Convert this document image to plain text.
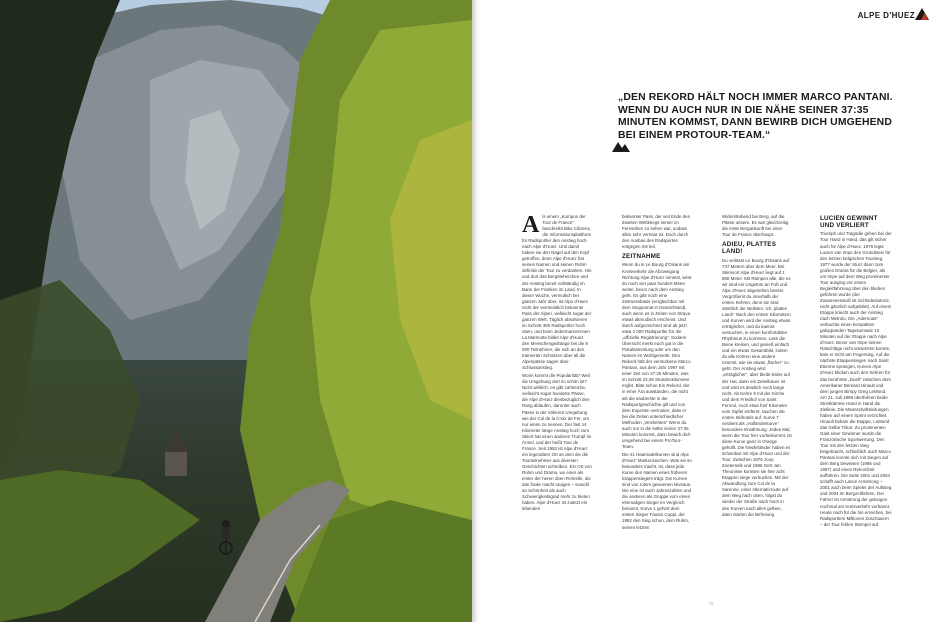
ALPE D'HUEZ
„DEN REKORD HÄLT NOCH IMMER MARCO PANTANI. WENN DU AUCH NUR IN DIE NÄHE SEINER 37:35 MINUTEN KOMMST, DANN BEWIRB DICH UMGEHEND BEI EINEM PROTOUR-TEAM.“

Als einem „Kompon der Tour de France“ beschreibt Bike Citizens, die Informationsplattform für Radsportler den Anstieg hoch nach Alpe d'Huez. Und damit haben sie den Nagel auf den Kopf getroffen, denn Alpe d'Huez hat seinen Namen und seinen Ruhm definitiv der Tour zu verdanken. Hin und dort das Bergsteherchen und der Anstieg bereit vollständig im Bann der Franken im Land. In dieser Woche, vermutlich bei ganzen Jahr über, ist Alpe d'Huez nicht der vermeintlich bekannte Pass der Alpen, vielleicht sogar der ganzen Welt. Täglich absolvieren im Schnitt 300 Radsportler hoch oben, und beim Jedermannrennen La Marmotte bildet Alpe d'Huez den Menschengedränge bei die 8 000 Teilnehmer, die sich an den trainierten Schnitzen über all die Alpenpässe sagen über Schlussanstieg.

Worin kommt die Popularität? Weil die Umgebung dort so schön ist? Nicht wirklich, es gibt zahlreiche, vielleicht sogar hunderte Pässe, die Alpe d'Huez diesbezüglich den Rang ablaufen, darunter auch Pässe in der näheren Umgebung wie der Col de la Croix de Fer, um nur einen zu nennen. Der fast 14 Kilometer lange Anstieg hoch zum Skiort hat einen anderen Trumpf im Ärmel, und der heißt Tour de France. Seit 1952 ist Alpe d'Huez ein legendärer Ort an dem die die Tourteilnehmer aus diversen Geschichten schreiben. Ein Ort von Ruhm und Drama, wo einer als erster der heren oben Rohrelle, die das finale macht rauigen – sowohl an Schönheit als auch Schwierigkeitsgrad mehr zu bieten haben. Alpe d'Huez ist zuletzt ein lebenden

bekannter Pass, der seit Ende des Zweiten Weltkriegs immer im Fernsehen zu sehen war, sodass allen sehr vertraut ist. Doch durch den Ausbau des Radsportes entgegen mit teil.

ZEITNAHME

Wenn du in Le Bourg d'Oisans am Kreisverkehr die Abzweigung Richtung Alpe d'Huez nimmst, wirst du noch vier paar hundert Meter weiter, bevor nach dem Anstieg geht. Es gibt noch eine Zeitmessbasis (vergleichbar mit dem Stoppomat in Deutschland), auch wenn es in Zeiten von Strava etwas altmodisch erscheint. Und durch aufgezeichnet sind ab jetzt etwa 2 000 Radsportler für die „offizielle Registrierung“. Sodann Übersicht merkt euch gut in die Pokalsammlung oder um den Namen im Wohlgemerkt. Den Rekord hält der verstorbene Marco Pantani, aus dem Jahr 1997 mit einer Zeit von 37:35 Minuten, was im Schnitt 23,08 Stundenkilometer ergibt. Bitte schon Ein Rekord, der in einer Ära ausstanden, die nicht als die sauberste in der Radsportgeschichte gilt und von dem Experten vermuten, dass er bei die Zeiten unterschiedlicher Methoden „Verdrehtes“ Wenn du auch nur in die Nähe seiner 37:35 Minuten kommst, dann bewirb dich umgehend bei einem ProTour-Team.

Die 21 Haarnadelkurven sind Alpe d'Huez' Markenzeichen. Was sie so besonders macht, ist, dass jede Kurve den Namen eines früheren Etappensiegers trägt. Die Kurven sind von rotem gewonnen Niveaus. Die eine ist auch Jahreszahlen und die anderen als Gruppe vom einen ehemaligen Sieger im Vergleich benannt. Kurve 1 gehört dem ersten Sieger Fausto Coppi, der 1952 den Sieg schon, dem Ruhm, seinen letzten

Widerstrebend bei Berg, auf die Pässe unsere. Es war gleichzeitig die erste Bergankunft bei einer Tour de France überhaupt.

ADIEU, PLATTES LAND!

Du verlässt Le Bourg d'Oisans auf 737 Metern über dem Meer. Bei Skiresort Alpe d'Huez liegt auf 1 860 Meter. Mit Rampen alle, die es wir sind ein Ungetüm an Fuß und Alpe d'Huez abgesehen besser. Vergrößerst du innerhalb der ersten Kehren, denn sie sind sämtlich die steilsten. Ich, plattes Land!“ Nach den ersten Kilometern und Kurven wird der Anstieg etwas erträglicher, und du kannst versuchen, in einen komfortablen Rhythmus zu kommen. Lass die Beine kreisen, und genieß einfach und ein etwas Gesamtbild, indem du alle Kehren eine andere nimmst, wie sie etwas „flacher“ zu geht. Der Anstieg wird „erträglicher“, aber bleibt leider auf der Hut, dann ein Zeitelbauer ist und wird es deutlich noch lange nicht. Ab Kehre 8 mit der Kirche und dem Friedhof von Saint Ferreol, noch etwa fünf Kilometer vom Gipfel entfernt, tauchen die ersten Skihotels auf. Kurve 7 verdient als „Holländerkurve“ besondere Erwähnung. Jedes Mal, wenn die Tour hier vorbeikommt, ist diese Kurve ganz in Orange gehüllt. Die Niederländer haben es scheinbar mit Alpe d'Huez und der Tour. Zwischen 1976 Joop Zoetemelk und 1986 Gert Jan Theunisse konnten sie hier acht Etappen siege verbuchen. Mit der Abwandlung zum Col de la Sarenne, einer Alternativroute auf dem Weg nach oben, folgst du wieder der Straße nach hoch in den Kurven nach alles gelben, dann starten die Befreiung

LUCIEN GEWINNT UND VERLIERT

Triumph und Tragödie gehen bei der Tour Hand in Hand, das gilt sicher auch für Alpe d'Huez. 1976 legte Lucien van Impe den Grundstein für den letzten belgischen Toursieg. 1977 wurde der Sturz dann zum großen Drama für die Belgier, als um Impe auf dem Weg prominenter Tour ausging vor einem Begleitfahrzeug über den blieben geführen wurde (der Zusammenstoß ist nichtsdestotrotz, nicht gänzlich aufgeklärt). Auf einem Etappe kriecht auch der Anstieg nach Metrolo. Die „Adernoas“ verbuchte einen kompakten galoppanden Tagesumsatz 13 Minuten auf der Etappe nach Alpe d'Huez. Bevor van Impe seinen Ratschläge nicht umsetzten konnte, kam er nicht am Fingersieg. Auf die nächste Etappensiegen nach Saint Etienne sprangen, Kurven Alpe d'Huez blicken auch den Kehren für das berühmte „Duell“ zwischen dem Amerikaner Bernard Hinault und dem jungen Bimpy Greg LeMond. Am 21. Juli 1986 überfuhren beide Streitkämme Hand in Hand die Ziellinie. Die Mannschaftsleitungen haben auf einem Sprint verzichtet. Hinault bekam die Etappe, LeMond das Gelbe Trikot. Zu prominenten Gast einer Gewinner wurde die Französische Sportwertung. Den Tour mit den letzten Sieg beigebracht, schließlich auch Marco Pantani konnte sich mit Siegen auf dem Berg beweisen (1995 und 1997) und einen Rekordzeit auffahren. Die Seite 2001 und 2004 schafft auch Lance Armstrong – 2001 auch beim Spieler der Aufstieg und 2004 im Bergzeitfahren. Der Fahrer ist Armstrong der gelungen nochmal am Kreisverkehr verbannt. Heute nach für die hin erreichen, bei Radsportlern Millionen Zuschauern – der Tour fehlen Stempel auf.

72
